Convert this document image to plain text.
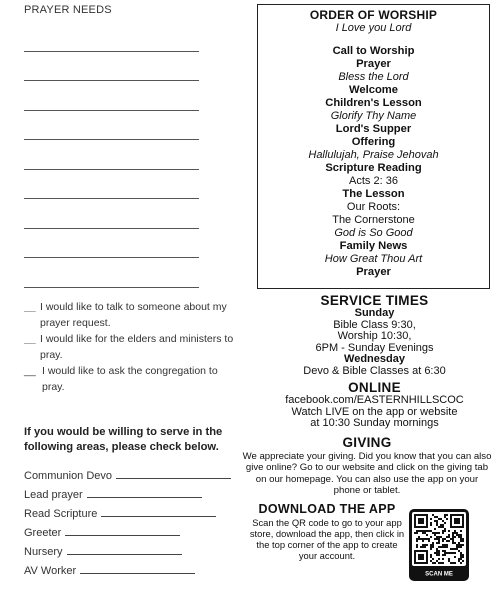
PRAYER NEEDS
__ I would like to talk to someone about my prayer request.
__ I would like for the elders and ministers to pray.
__ I would like to ask the congregation to pray.
If you would be willing to serve in the following areas, please check below.
Communion Devo
Lead prayer
Read Scripture
Greeter
Nursery
AV Worker
ORDER OF WORSHIP
I Love you Lord
Call to Worship
Prayer
Bless the Lord
Welcome
Children's Lesson
Glorify Thy Name
Lord's Supper
Offering
Hallulujah, Praise Jehovah
Scripture Reading
Acts 2: 36
The Lesson
Our Roots:
The Cornerstone
God is So Good
Family News
How Great Thou Art
Prayer
SERVICE TIMES
Sunday
Bible Class 9:30,
Worship 10:30,
6PM - Sunday Evenings
Wednesday
Devo & Bible Classes at 6:30
ONLINE
facebook.com/EASTERNHILLSCOC
Watch LIVE on the app or website
at 10:30 Sunday mornings
GIVING
We appreciate your giving. Did you know that you can also give online? Go to our website and click on the giving tab on our homepage. You can also use the app on your phone or tablet.
DOWNLOAD THE APP
Scan the QR code to go to your app store, download the app, then click in the top corner of the app to create your account.
SCAN ME
